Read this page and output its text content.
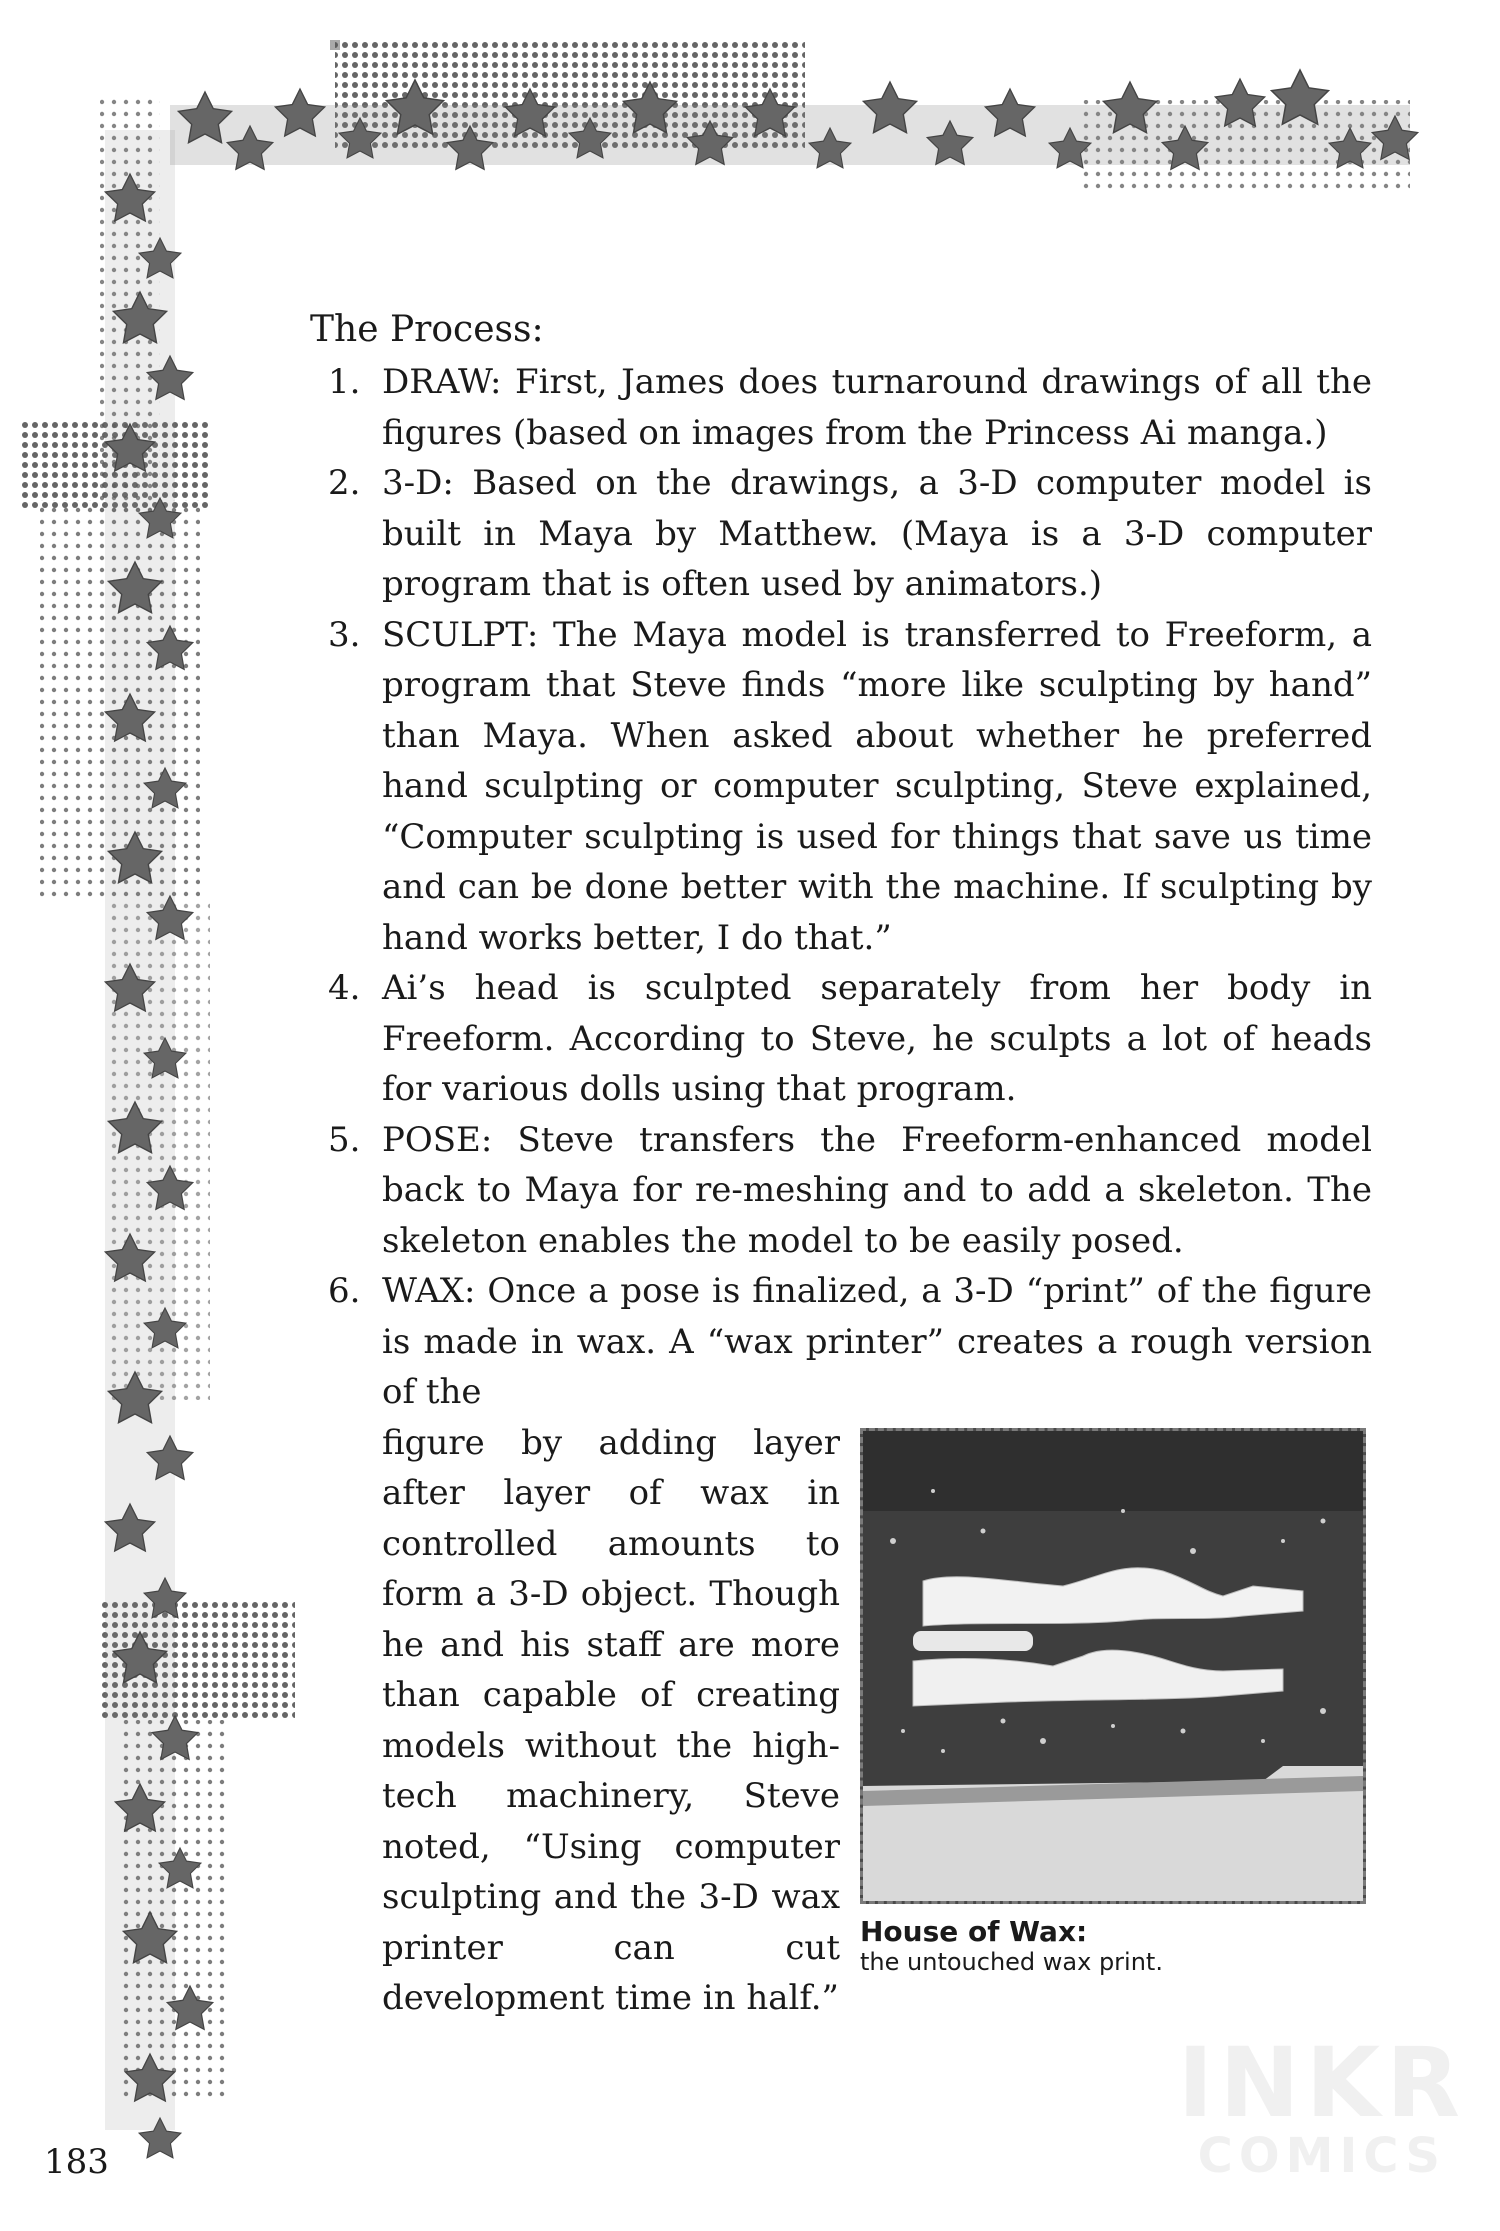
The Process:

1. DRAW: First, James does turnaround drawings of all the figures (based on images from the Princess Ai manga.)
2. 3-D: Based on the drawings, a 3-D computer model is built in Maya by Matthew. (Maya is a 3-D computer program that is often used by animators.)
3. SCULPT: The Maya model is transferred to Freeform, a program that Steve finds “more like sculpting by hand” than Maya. When asked about whether he preferred hand sculpting or computer sculpting, Steve explained, “Computer sculpting is used for things that save us time and can be done better with the machine. If sculpting by hand works better, I do that.”
4. Ai’s head is sculpted separately from her body in Freeform. According to Steve, he sculpts a lot of heads for various dolls using that program.
5. POSE: Steve transfers the Freeform-enhanced model back to Maya for re-meshing and to add a skeleton. The skeleton enables the model to be easily posed.
6. WAX: Once a pose is finalized, a 3-D “print” of the figure is made in wax. A “wax printer” creates a rough version of the
figure by adding layer after layer of wax in controlled amounts to form a 3-D object. Though he and his staff are more than capable of creating models without the high-tech machinery, Steve noted, “Using computer sculpting and the 3-D wax printer can cut development time in half.”
House of Wax:
the untouched wax print.
183
INKR
COMICS
